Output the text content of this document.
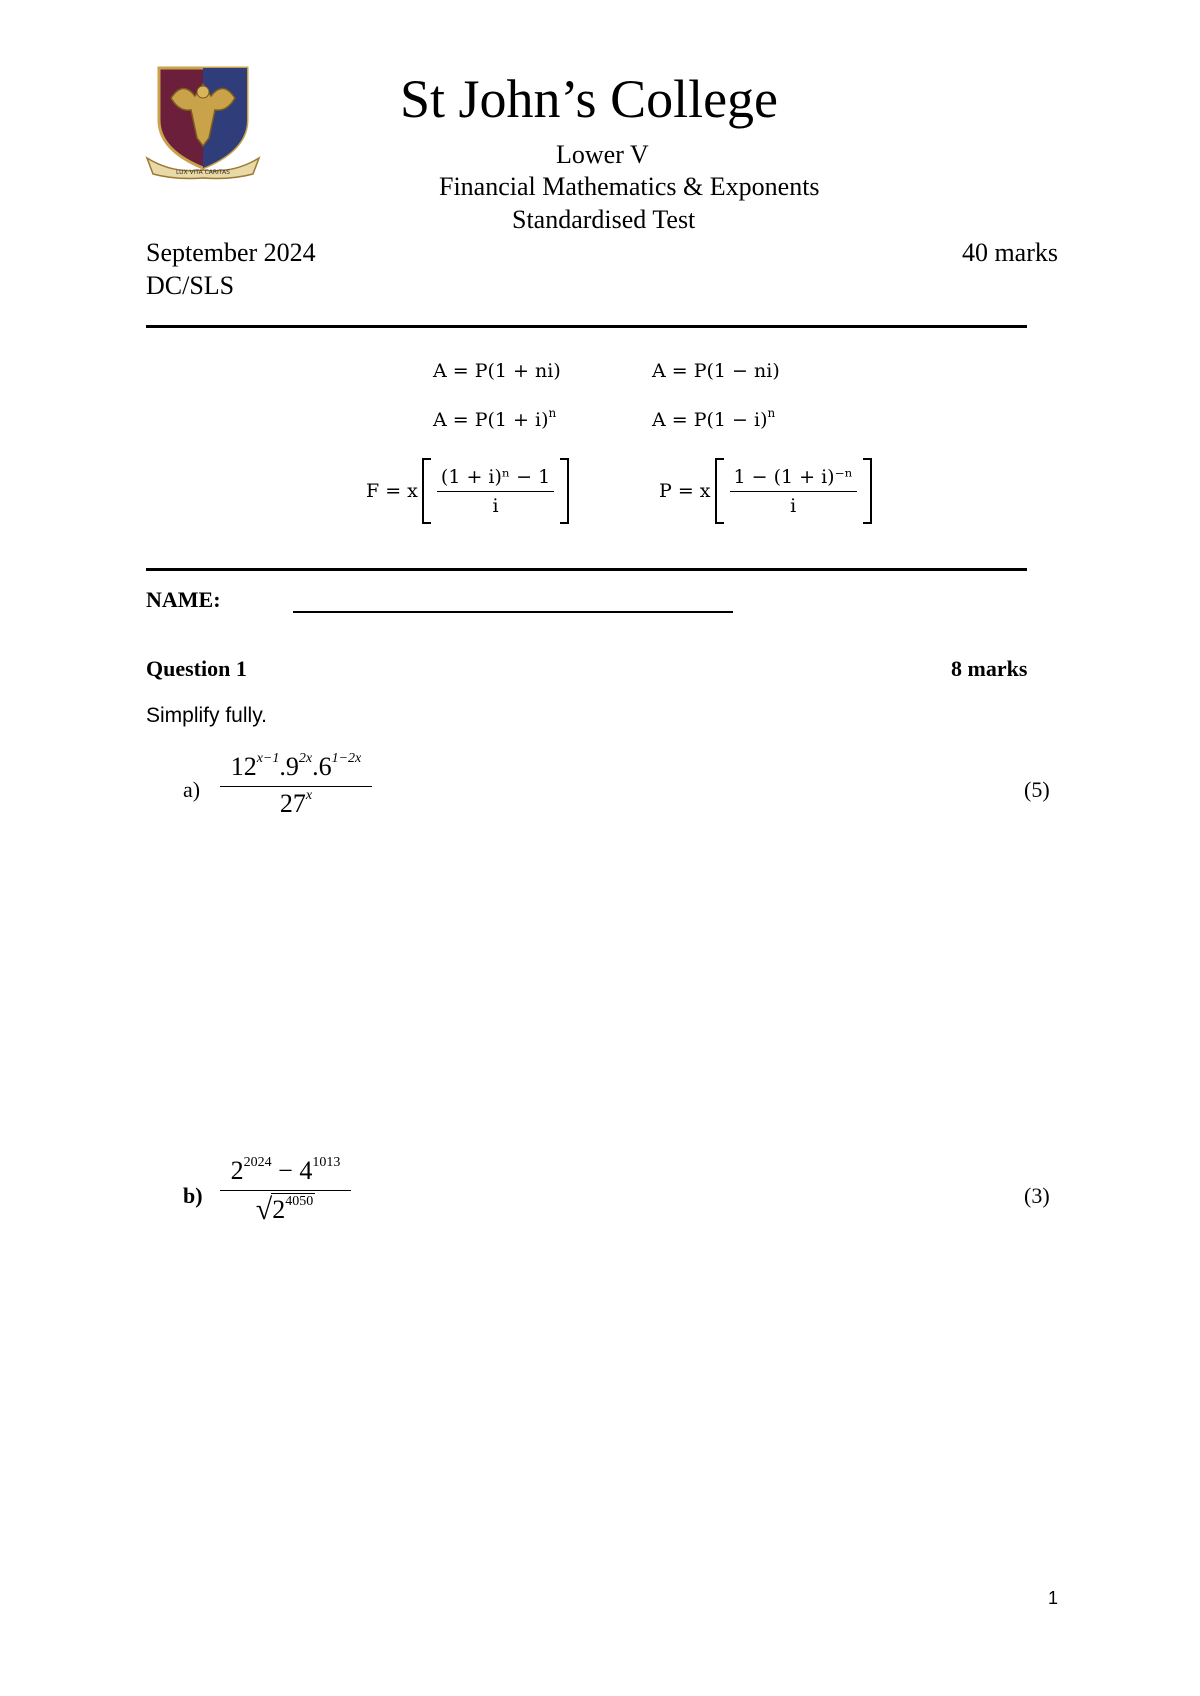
LUX VITA CARITAS
St John’s College
Lower V
Financial Mathematics & Exponents
Standardised Test
September 2024	40 marks
DC/SLS
A = P(1 + ni)	A = P(1 − ni)
$A = P(1 + i)^n$	$A = P(1 - i)^n$
F = x $\frac{\text{(1 + i)ⁿ − 1}}{i}$	P = x $\frac{\text{1 − (1 + i)⁻ⁿ}}{i}$
NAME:
Question 1	8 marks
Simplify fully.
$a) \frac{12^{x-1}.9^{2x}.6^{1-2x}}{27^x}$	(5)
$b) \frac{2^{2024} - 4^{1013}}{√ 2^{4050}}$	(3)
1
